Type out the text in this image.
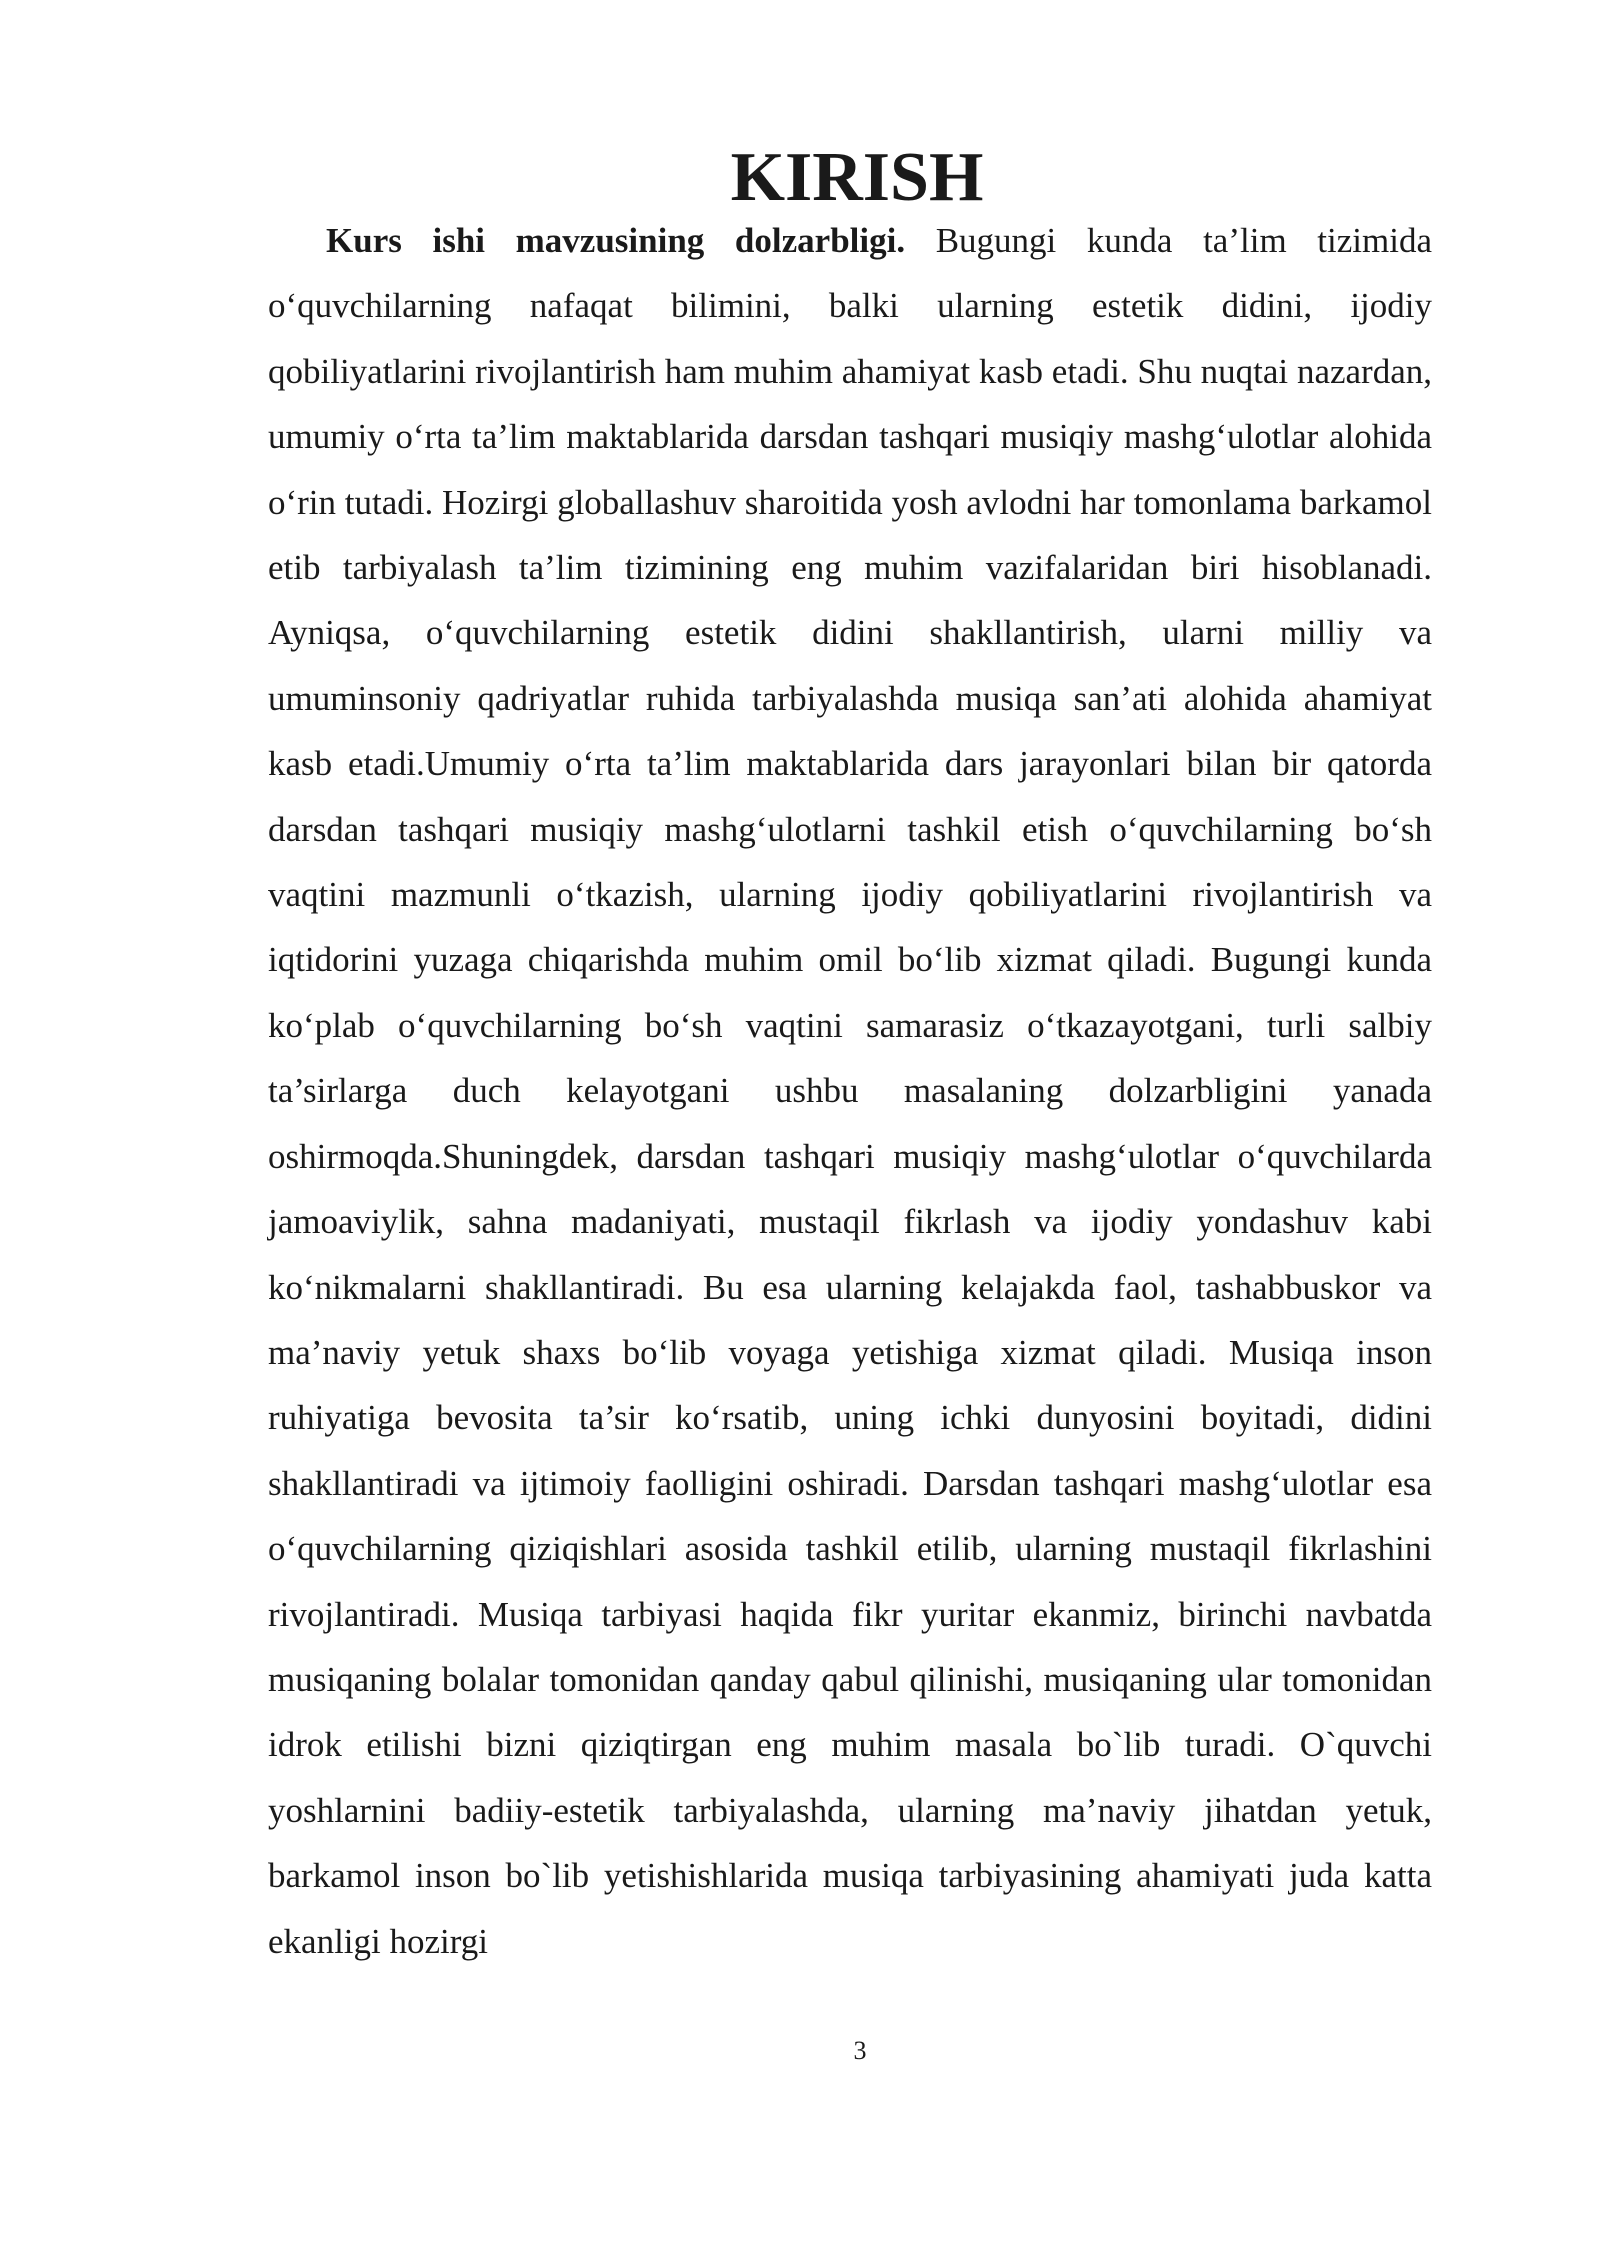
KIRISH

Kurs ishi mavzusining dolzarbligi. Bugungi kunda ta’lim tizimida o‘quvchilarning nafaqat bilimini, balki ularning estetik didini, ijodiy qobiliyatlarini rivojlantirish ham muhim ahamiyat kasb etadi. Shu nuqtai nazardan, umumiy o‘rta ta’lim maktablarida darsdan tashqari musiqiy mashg‘ulotlar alohida o‘rin tutadi. Hozirgi globallashuv sharoitida yosh avlodni har tomonlama barkamol etib tarbiyalash ta’lim tizimining eng muhim vazifalaridan biri hisoblanadi. Ayniqsa, o‘quvchilarning estetik didini shakllantirish, ularni milliy va umuminsoniy qadriyatlar ruhida tarbiyalashda musiqa san’ati alohida ahamiyat kasb etadi.Umumiy o‘rta ta’lim maktablarida dars jarayonlari bilan bir qatorda darsdan tashqari musiqiy mashg‘ulotlarni tashkil etish o‘quvchilarning bo‘sh vaqtini mazmunli o‘tkazish, ularning ijodiy qobiliyatlarini rivojlantirish va iqtidorini yuzaga chiqarishda muhim omil bo‘lib xizmat qiladi. Bugungi kunda ko‘plab o‘quvchilarning bo‘sh vaqtini samarasiz o‘tkazayotgani, turli salbiy ta’sirlarga duch kelayotgani ushbu masalaning dolzarbligini yanada oshirmoqda.Shuningdek, darsdan tashqari musiqiy mashg‘ulotlar o‘quvchilarda jamoaviylik, sahna madaniyati, mustaqil fikrlash va ijodiy yondashuv kabi ko‘nikmalarni shakllantiradi. Bu esa ularning kelajakda faol, tashabbuskor va ma’naviy yetuk shaxs bo‘lib voyaga yetishiga xizmat qiladi. Musiqa inson ruhiyatiga bevosita ta’sir ko‘rsatib, uning ichki dunyosini boyitadi, didini shakllantiradi va ijtimoiy faolligini oshiradi. Darsdan tashqari mashg‘ulotlar esa o‘quvchilarning qiziqishlari asosida tashkil etilib, ularning mustaqil fikrlashini rivojlantiradi. Musiqa tarbiyasi haqida fikr yuritar ekanmiz, birinchi navbatda musiqaning bolalar tomonidan qanday qabul qilinishi, musiqaning ular tomonidan idrok etilishi bizni qiziqtirgan eng muhim masala bo`lib turadi. O`quvchi yoshlarnini badiiy-estetik tarbiyalashda, ularning ma’naviy jihatdan yetuk, barkamol inson bo`lib yetishishlarida musiqa tarbiyasining ahamiyati juda katta ekanligi hozirgi

3
